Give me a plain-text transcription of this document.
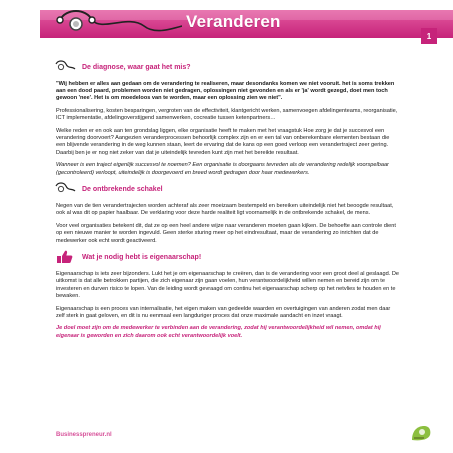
Veranderen
1
De diagnose, waar gaat het mis?

"Wij hebben er alles aan gedaan om de verandering te realiseren, maar desondanks komen we niet vooruit. het is soms trekken aan een dood paard, problemen worden niet gedragen, oplossingen niet gevonden en als er 'ja' wordt gezegd, doet men toch gewoon 'nee'. Het is om moedeloos van te worden, maar een oplossing zien we niet".

Professionalisering, kosten besparingen, vergroten van de effectiviteit, klantgericht werken, samenvoegen afdelingenteams, reorganisatie, ICT implementatie, afdelingoverstijgend samenwerken, cocreatie tussen ketenpartners…

Welke reden er en ook aan ten grondslag liggen, elke organisatie heeft te maken met het vraagstuk Hoe zorg je dat je succesvol een verandering doorvoert? Aangezien veranderprocessen behoorlijk complex zijn en er een tal van onberekenbare elementen bestaan die een blijvende verandering in de weg kunnen staan, leert de ervaring dat de kans op een goed verloop een verandertraject zeer gering. Daarbij ben je er nog niet zeker van dat je uiteindelijk tevreden kunt zijn met het bereikte resultaat.

Wanneer is een traject eigenlijk succesvol te noemen? Een organisatie is doorgaans tevreden als de verandering redelijk voorspelbaar (gecontroleerd) verloopt, uiteindelijk is doorgevoerd en breed wordt gedragen door haar medewerkers.

De ontbrekende schakel

Negen van de tien verandertrajecten worden achteraf als zeer moeizaam bestempeld en bereiken uiteindelijk niet het beoogde resultaat, ook al was dit op papier haalbaar. De verklaring voor deze harde realiteit ligt voornamelijk in de ontbrekende schakel, de mens.

Voor veel organisaties betekent dit, dat ze op een heel andere wijze naar veranderen moeten gaan kijken. De behoefte aan controle dient op een nieuwe manier te worden ingevuld. Geen sterke sturing meer op het eindresultaat, maar de verandering zo inrichten dat de medewerker ook echt wordt geactiveerd.

Wat je nodig hebt is eigenaarschap!

Eigenaarschap is iets zeer bijzonders. Lukt het je om eigenaarschap te creëren, dan is de verandering voor een groot deel al geslaagd. De uitkomst is dat alle betrokken partijen, die zich eigenaar zijn gaan voelen, hun verantwoordelijkheid willen nemen en bereid zijn om te investeren en durven risico te lopen. Van de leiding wordt gevraagd om continu het eigenaarschap scherp op het netvlies te houden en te bewaken.

Eigenaarschap is een proces van internalisatie, het eigen maken van gedeelde waarden en overtuigingen van anderen zodat men daar zelf sterk in gaat geloven, en dit is nu eenmaal een langduriger proces dat onze maximale aandacht en inzet vraagt.

Je doel moet zijn om de medewerker te verbinden aan de verandering, zodat hij verantwoordelijkheid wil nemen, omdat hij eigenaar is geworden en zich daarom ook echt verantwoordelijk voelt.

Businesspreneur.nl
